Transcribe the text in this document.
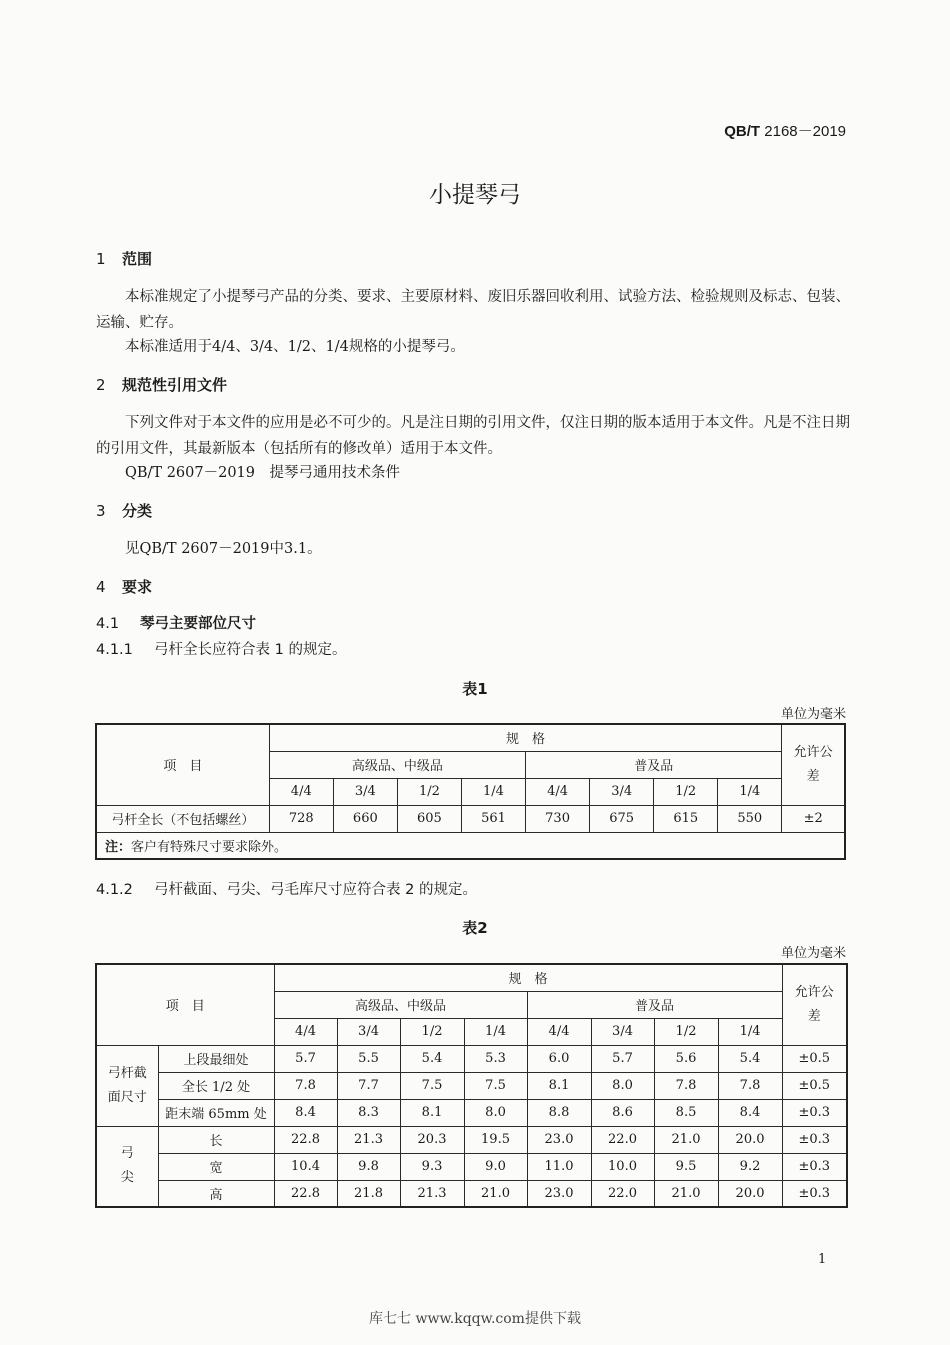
QB/T 2168－2019
小提琴弓
1 范围
本标准规定了小提琴弓产品的分类、要求、主要原材料、废旧乐器回收利用、试验方法、检验规则及标志、包装、运输、贮存。
本标准适用于4/4、3/4、1/2、1/4规格的小提琴弓。
2 规范性引用文件
下列文件对于本文件的应用是必不可少的。凡是注日期的引用文件，仅注日期的版本适用于本文件。凡是不注日期的引用文件，其最新版本（包括所有的修改单）适用于本文件。
QB/T 2607－2019　提琴弓通用技术条件
3 分类
见QB/T 2607－2019中3.1。
4 要求
4.1 琴弓主要部位尺寸
4.1.1 弓杆全长应符合表 1 的规定。
表1
单位为毫米
项　目	规　格								允许公差
	高级品、中级品				普及品				
	4/4	3/4	1/2	1/4	4/4	3/4	1/2	1/4	
弓杆全长（不包括螺丝）	728	660	605	561	730	675	615	550	±2
注：客户有特殊尺寸要求除外。									
4.1.2 弓杆截面、弓尖、弓毛库尺寸应符合表 2 的规定。
表2
单位为毫米
项　目		规　格								允许公差
		高级品、中级品				普及品				
		4/4	3/4	1/2	1/4	4/4	3/4	1/2	1/4	
弓杆截面尺寸	上段最细处	5.7	5.5	5.4	5.3	6.0	5.7	5.6	5.4	±0.5
	全长 1/2 处	7.8	7.7	7.5	7.5	8.1	8.0	7.8	7.8	±0.5
	距末端 65mm 处	8.4	8.3	8.1	8.0	8.8	8.6	8.5	8.4	±0.3
弓尖	长	22.8	21.3	20.3	19.5	23.0	22.0	21.0	20.0	±0.3
	宽	10.4	9.8	9.3	9.0	11.0	10.0	9.5	9.2	±0.3
	高	22.8	21.8	21.3	21.0	23.0	22.0	21.0	20.0	±0.3
1
库七七 www.kqqw.com提供下载
